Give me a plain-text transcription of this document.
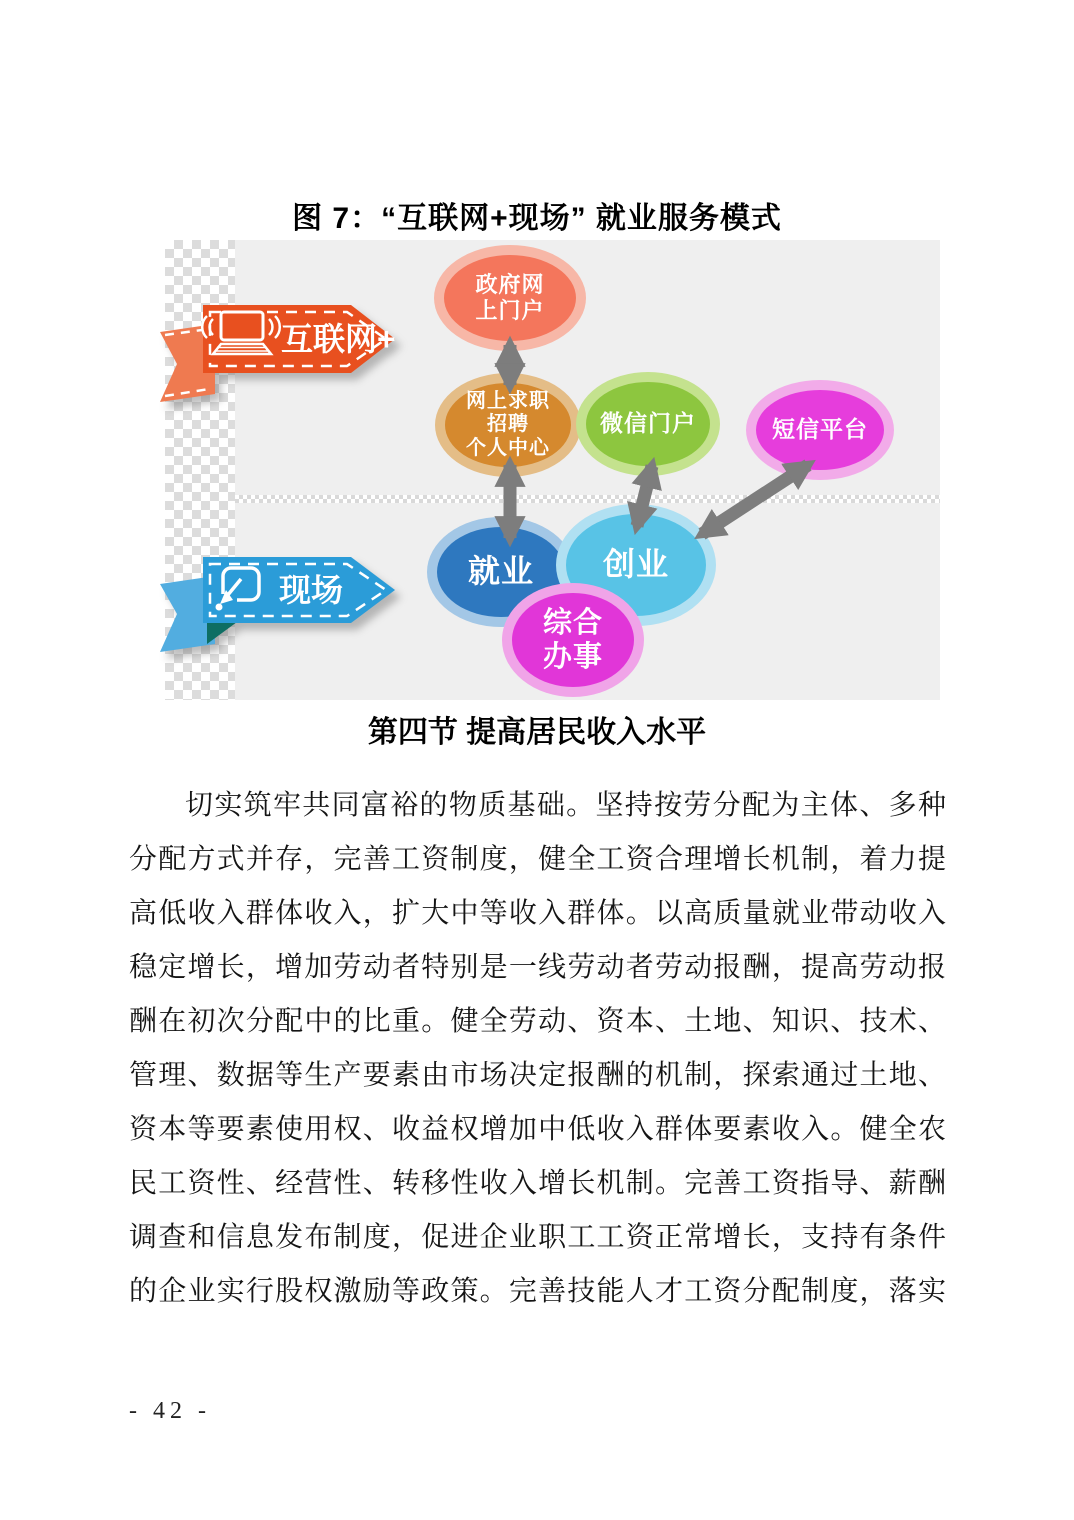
图 7：“互联网+现场” 就业服务模式
互联网+
现场
政府网
上门户
网上求职
招聘
个人中心
微信门户	短信平台
就业 创业
综合
办事
第四节 提高居民收入水平
切实筑牢共同富裕的物质基础。坚持按劳分配为主体、多种
分配方式并存，完善工资制度，健全工资合理增长机制，着力提
高低收入群体收入，扩大中等收入群体。以高质量就业带动收入
稳定增长，增加劳动者特别是一线劳动者劳动报酬，提高劳动报
酬在初次分配中的比重。健全劳动、资本、土地、知识、技术、
管理、数据等生产要素由市场决定报酬的机制，探索通过土地、
资本等要素使用权、收益权增加中低收入群体要素收入。健全农
民工资性、经营性、转移性收入增长机制。完善工资指导、薪酬
调查和信息发布制度，促进企业职工工资正常增长，支持有条件
的企业实行股权激励等政策。完善技能人才工资分配制度，落实
- 42 -
